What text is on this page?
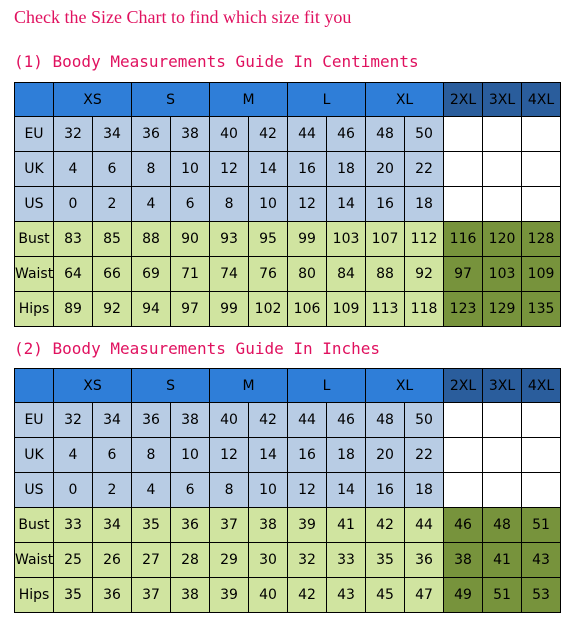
Check the Size Chart to find which size fit you
(1) Boody Measurements Guide In Centiments
	XS		S		M		L		XL		2XL	3XL	4XL
EU	32	34	36	38	40	42	44	46	48	50			
UK	4	6	8	10	12	14	16	18	20	22			
US	0	2	4	6	8	10	12	14	16	18			
Bust	83	85	88	90	93	95	99	103	107	112	116	120	128
Waist	64	66	69	71	74	76	80	84	88	92	97	103	109
Hips	89	92	94	97	99	102	106	109	113	118	123	129	135
(2) Boody Measurements Guide In Inches
	XS		S		M		L		XL		2XL	3XL	4XL
EU	32	34	36	38	40	42	44	46	48	50			
UK	4	6	8	10	12	14	16	18	20	22			
US	0	2	4	6	8	10	12	14	16	18			
Bust	33	34	35	36	37	38	39	41	42	44	46	48	51
Waist	25	26	27	28	29	30	32	33	35	36	38	41	43
Hips	35	36	37	38	39	40	42	43	45	47	49	51	53
